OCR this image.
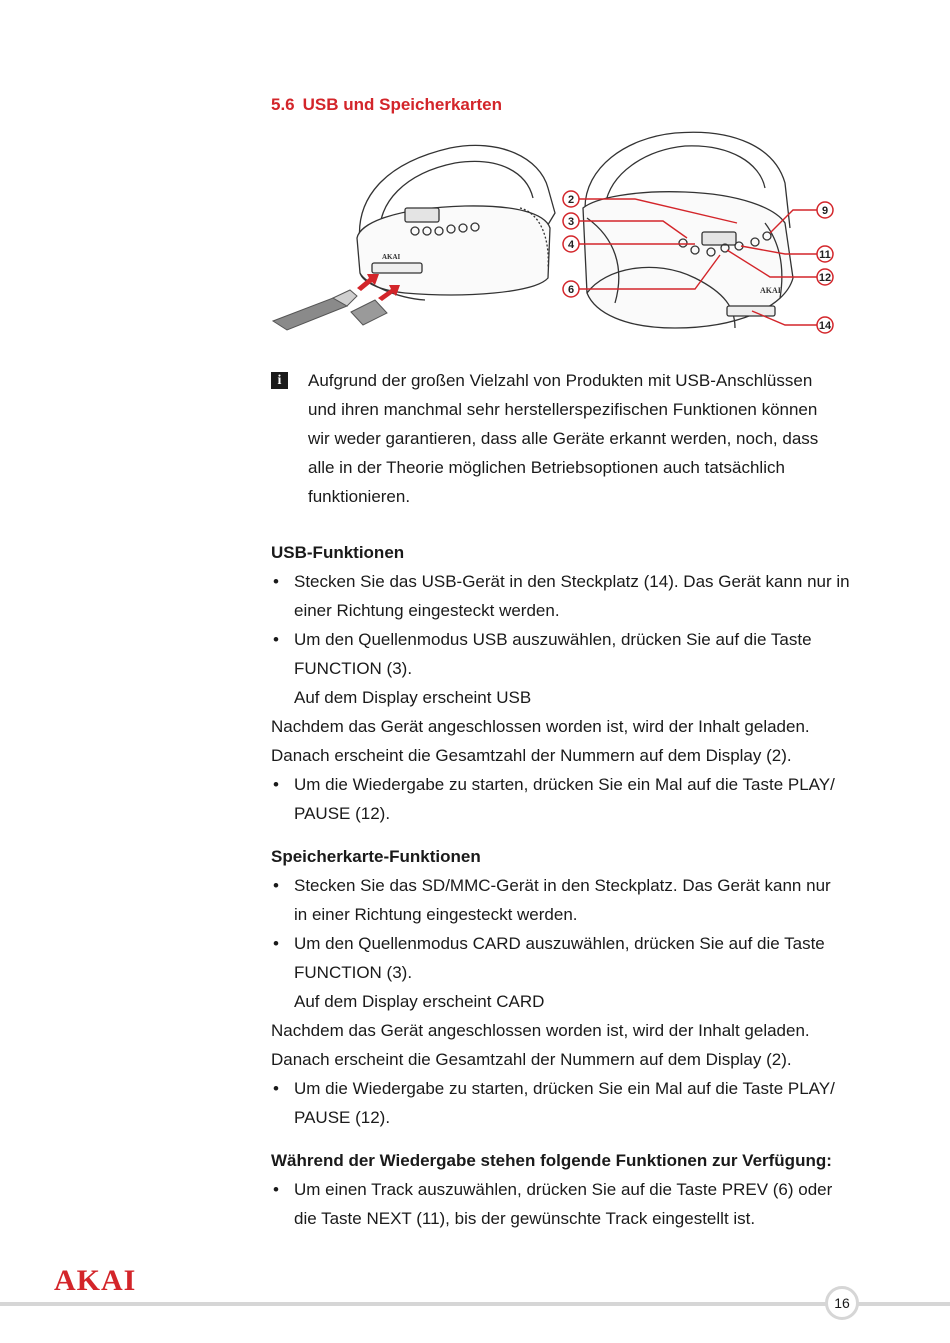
5.6 USB und Speicherkarten
AKAI
AKAI
2
3
4
6
9
11
12
14
i	Aufgrund der großen Vielzahl von Produkten mit USB-Anschlüssen
und ihren manchmal sehr herstellerspezifischen Funktionen können
wir weder garantieren, dass alle Geräte erkannt werden, noch, dass
alle in der Theorie möglichen Betriebsoptionen auch tatsächlich
funktionieren.
USB-Funktionen
• Stecken Sie das USB-Gerät in den Steckplatz (14). Das Gerät kann nur in
einer Richtung eingesteckt werden.
• Um den Quellenmodus USB auszuwählen, drücken Sie auf die Taste
FUNCTION (3).
Auf dem Display erscheint USB
Nachdem das Gerät angeschlossen worden ist, wird der Inhalt geladen.
Danach erscheint die Gesamtzahl der Nummern auf dem Display (2).
• Um die Wiedergabe zu starten, drücken Sie ein Mal auf die Taste PLAY/
PAUSE (12).
Speicherkarte-Funktionen
• Stecken Sie das SD/MMC-Gerät in den Steckplatz. Das Gerät kann nur
in einer Richtung eingesteckt werden.
• Um den Quellenmodus CARD auszuwählen, drücken Sie auf die Taste
FUNCTION (3).
Auf dem Display erscheint CARD
Nachdem das Gerät angeschlossen worden ist, wird der Inhalt geladen.
Danach erscheint die Gesamtzahl der Nummern auf dem Display (2).
• Um die Wiedergabe zu starten, drücken Sie ein Mal auf die Taste PLAY/
PAUSE (12).
Während der Wiedergabe stehen folgende Funktionen zur Verfügung:
• Um einen Track auszuwählen, drücken Sie auf die Taste PREV (6) oder
die Taste NEXT (11), bis der gewünschte Track eingestellt ist.
AKAI
16
